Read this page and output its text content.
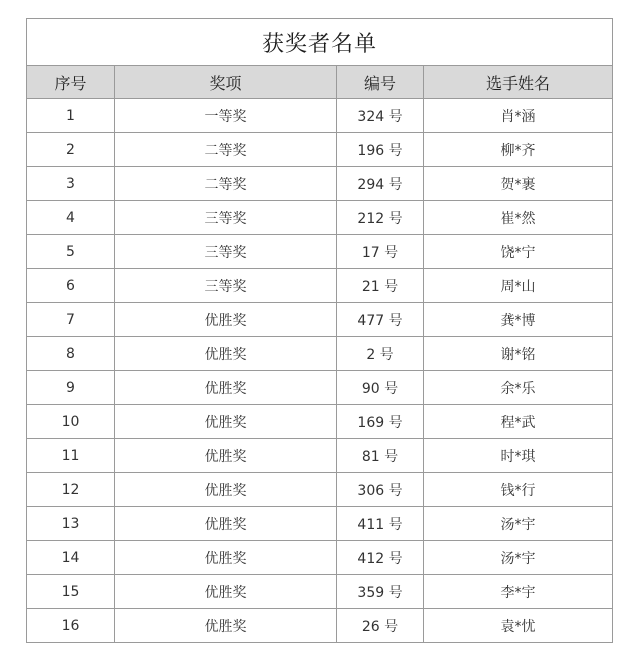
获奖者名单			
序号	奖项	编号	选手姓名
1	一等奖	324 号	肖*涵
2	二等奖	196 号	柳*齐
3	二等奖	294 号	贺*裹
4	三等奖	212 号	崔*然
5	三等奖	17 号	饶*宁
6	三等奖	21 号	周*山
7	优胜奖	477 号	龚*博
8	优胜奖	2 号	谢*铭
9	优胜奖	90 号	余*乐
10	优胜奖	169 号	程*武
11	优胜奖	81 号	时*琪
12	优胜奖	306 号	钱*行
13	优胜奖	411 号	汤*宇
14	优胜奖	412 号	汤*宇
15	优胜奖	359 号	李*宇
16	优胜奖	26 号	袁*忧
